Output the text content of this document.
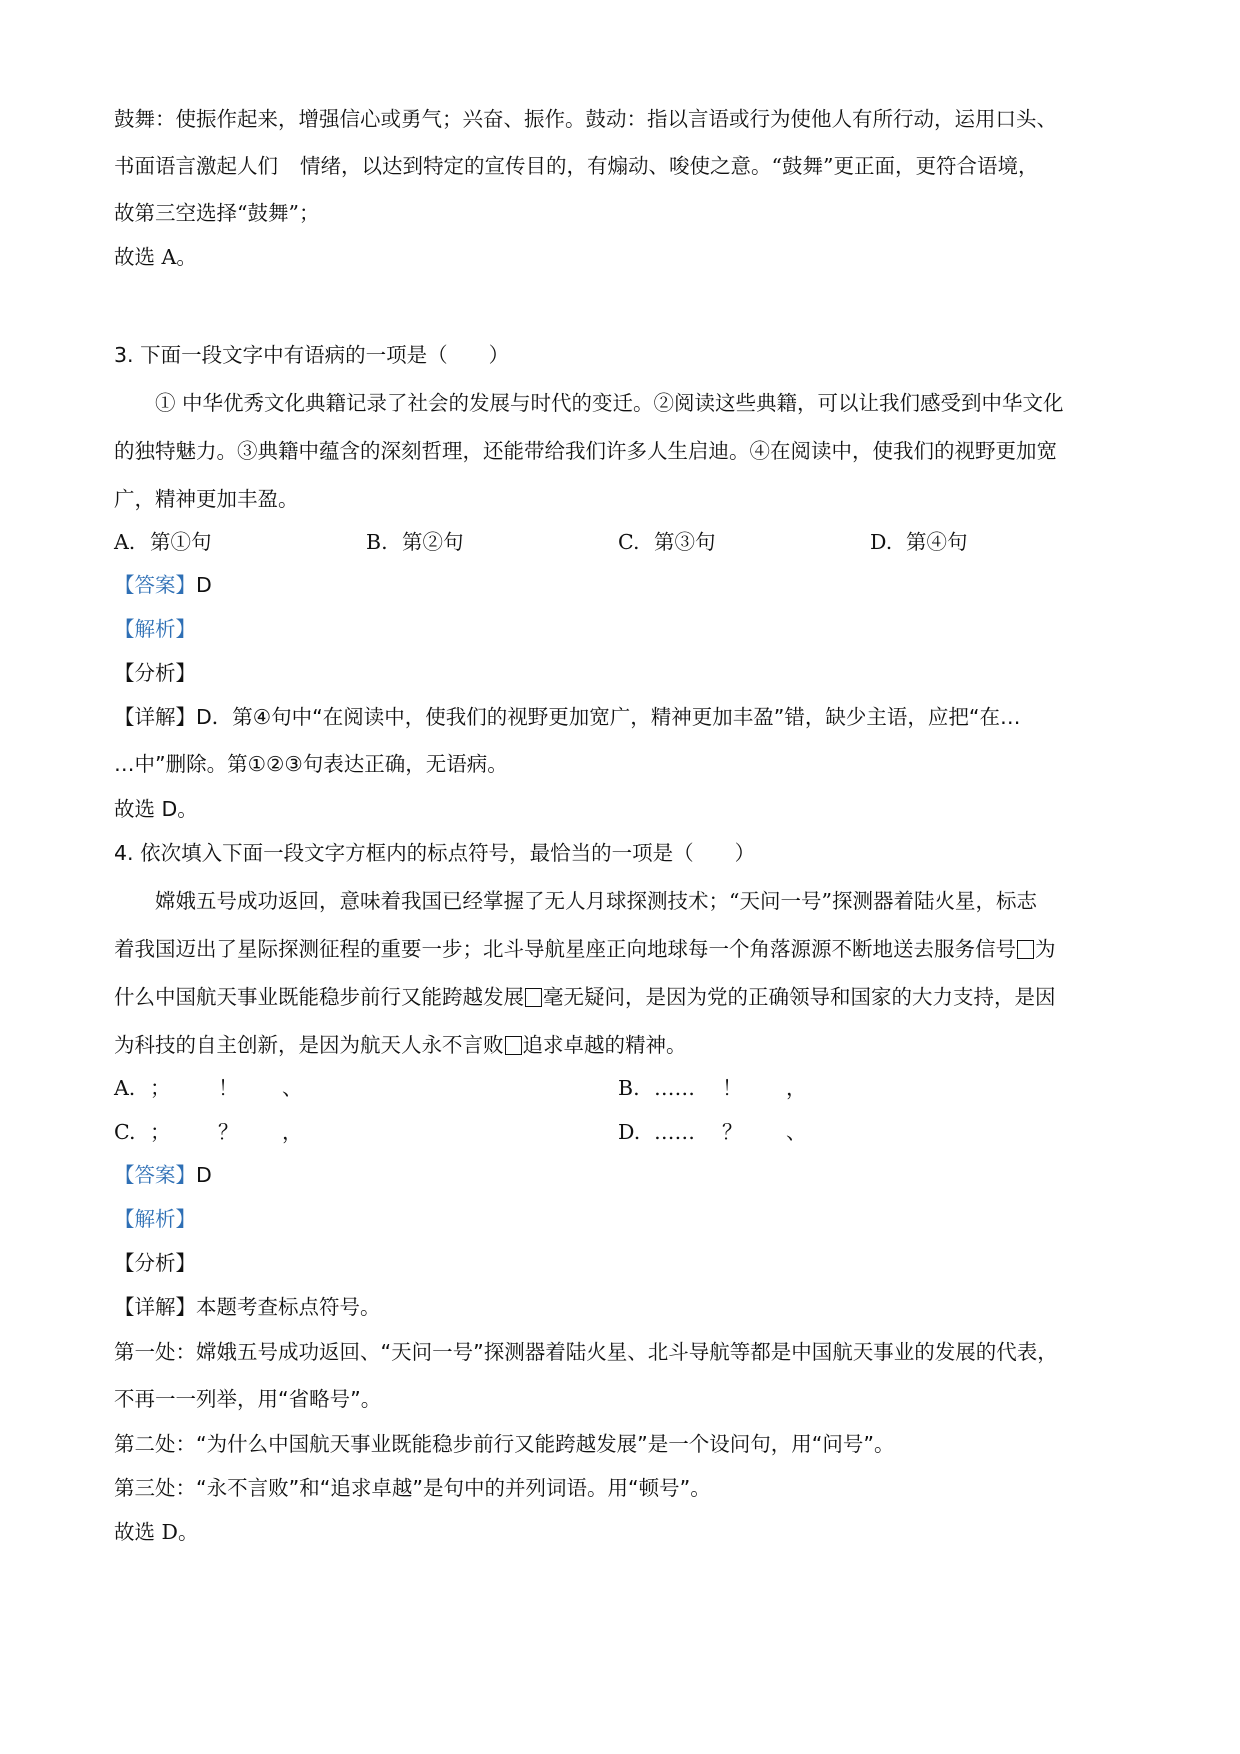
鼓舞：使振作起来，增强信心或勇气；兴奋、振作。鼓动：指以言语或行为使他人有所行动，运用口头、
书面语言激起人们 情绪，以达到特定的宣传目的，有煽动、唆使之意。“鼓舞”更正面，更符合语境，
故第三空选择“鼓舞”；
故选 A。
3. 下面一段文字中有语病的一项是（　　）
① 中华优秀文化典籍记录了社会的发展与时代的变迁。②阅读这些典籍，可以让我们感受到中华文化
的独特魅力。③典籍中蕴含的深刻哲理，还能带给我们许多人生启迪。④在阅读中，使我们的视野更加宽
广，精神更加丰盈。
A. 第①句	B. 第②句	C. 第③句	D. 第④句
【答案】D
【解析】
【分析】
【详解】D．第④句中“在阅读中，使我们的视野更加宽广，精神更加丰盈”错，缺少主语，应把“在…
…中”删除。第①②③句表达正确，无语病。
故选 D。
4. 依次填入下面一段文字方框内的标点符号，最恰当的一项是（　　）
嫦娥五号成功返回，意味着我国已经掌握了无人月球探测技术；“天问一号”探测器着陆火星，标志
着我国迈出了星际探测征程的重要一步；北斗导航星座正向地球每一个角落源源不断地送去服务信号 为
什么中国航天事业既能稳步前行又能跨越发展 毫无疑问，是因为党的正确领导和国家的大力支持，是因
为科技的自主创新，是因为航天人永不言败 追求卓越的精神。
A. ； ！ 、	B. …… ！ ，
C. ； ？ ，	D. …… ？ 、
【答案】D
【解析】
【分析】
【详解】本题考查标点符号。
第一处：嫦娥五号成功返回、“天问一号”探测器着陆火星、北斗导航等都是中国航天事业的发展的代表，
不再一一列举，用“省略号”。
第二处：“为什么中国航天事业既能稳步前行又能跨越发展”是一个设问句，用“问号”。
第三处：“永不言败”和“追求卓越”是句中的并列词语。用“顿号”。
故选 D。
